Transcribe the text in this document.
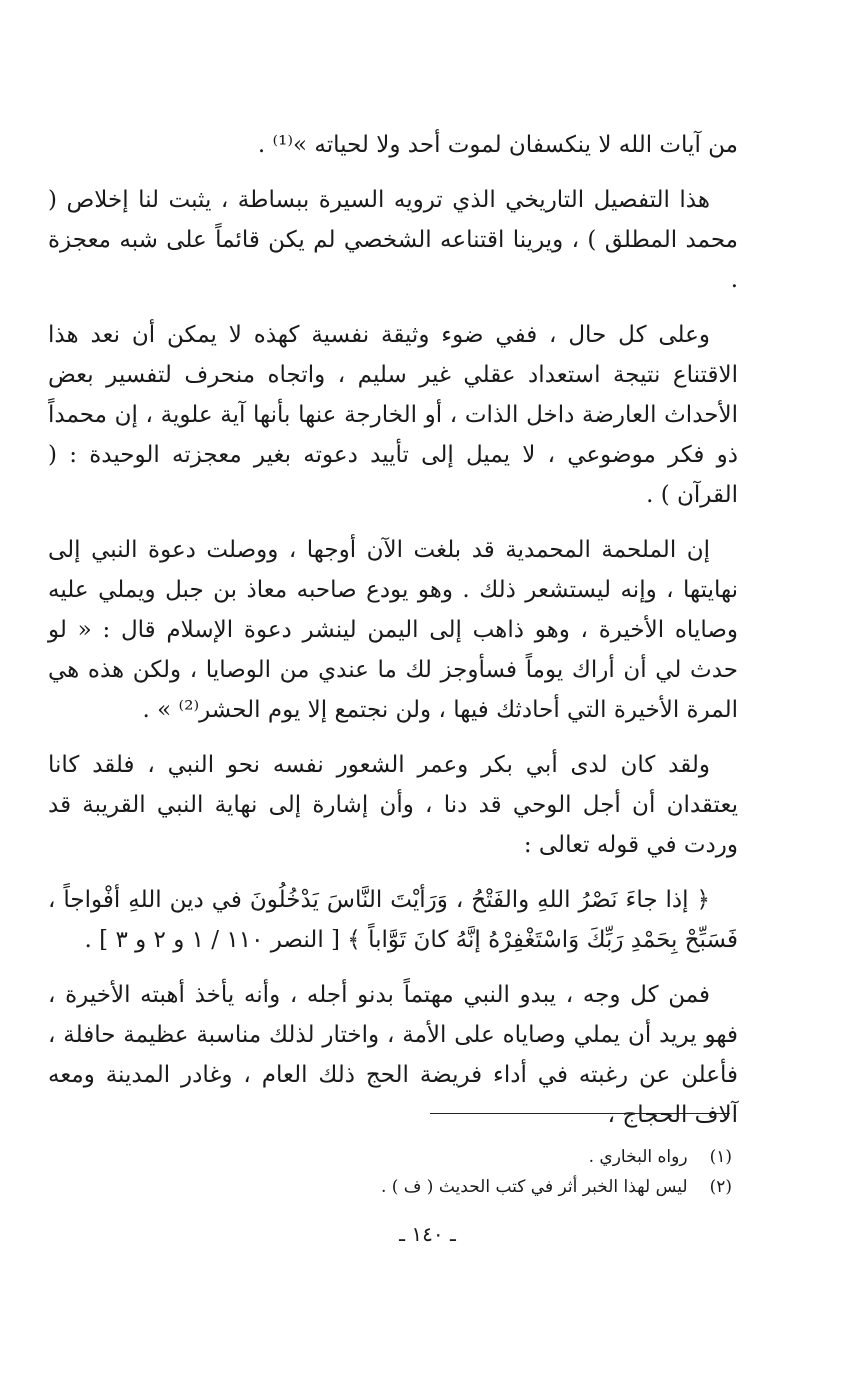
من آيات الله لا ينكسفان لموت أحد ولا لحياته »⁽¹⁾ .

هذا التفصيل التاريخي الذي ترويه السيرة ببساطة ، يثبت لنا إخلاص ( محمد المطلق ) ، ويرينا اقتناعه الشخصي لم يكن قائماً على شبه معجزة .

وعلى كل حال ، ففي ضوء وثيقة نفسية كهذه لا يمكن أن نعد هذا الاقتناع نتيجة استعداد عقلي غير سليم ، واتجاه منحرف لتفسير بعض الأحداث العارضة داخل الذات ، أو الخارجة عنها بأنها آية علوية ، إن محمداً ذو فكر موضوعي ، لا يميل إلى تأييد دعوته بغير معجزته الوحيدة : ( القرآن ) .

إن الملحمة المحمدية قد بلغت الآن أوجها ، ووصلت دعوة النبي إلى نهايتها ، وإنه ليستشعر ذلك . وهو يودع صاحبه معاذ بن جبل ويملي عليه وصاياه الأخيرة ، وهو ذاهب إلى اليمن لينشر دعوة الإسلام قال : « لو حدث لي أن أراك يوماً فسأوجز لك ما عندي من الوصايا ، ولكن هذه هي المرة الأخيرة التي أحادثك فيها ، ولن نجتمع إلا يوم الحشر⁽²⁾ » .

ولقد كان لدى أبي بكر وعمر الشعور نفسه نحو النبي ، فلقد كانا يعتقدان أن أجل الوحي قد دنا ، وأن إشارة إلى نهاية النبي القريبة قد وردت في قوله تعالى :

﴿ إذا جاءَ نَصْرُ اللهِ والفَتْحُ ، وَرَأيْتَ النَّاسَ يَدْخُلُونَ في دين اللهِ أفْواجاً ، فَسَبِّحْ بِحَمْدِ رَبِّكَ وَاسْتَغْفِرْهُ إنَّهُ كانَ تَوَّاباً ﴾ [ النصر ١١٠ / ١ و ٢ و ٣ ] .

فمن كل وجه ، يبدو النبي مهتماً بدنو أجله ، وأنه يأخذ أهبته الأخيرة ، فهو يريد أن يملي وصاياه على الأمة ، واختار لذلك مناسبة عظيمة حافلة ، فأعلن عن رغبته في أداء فريضة الحج ذلك العام ، وغادر المدينة ومعه آلاف الحجاج ،

(١)
رواه البخاري .
(٢)
ليس لهذا الخبر أثر في كتب الحديث ( ف ) .
ـ ١٤٠ ـ
